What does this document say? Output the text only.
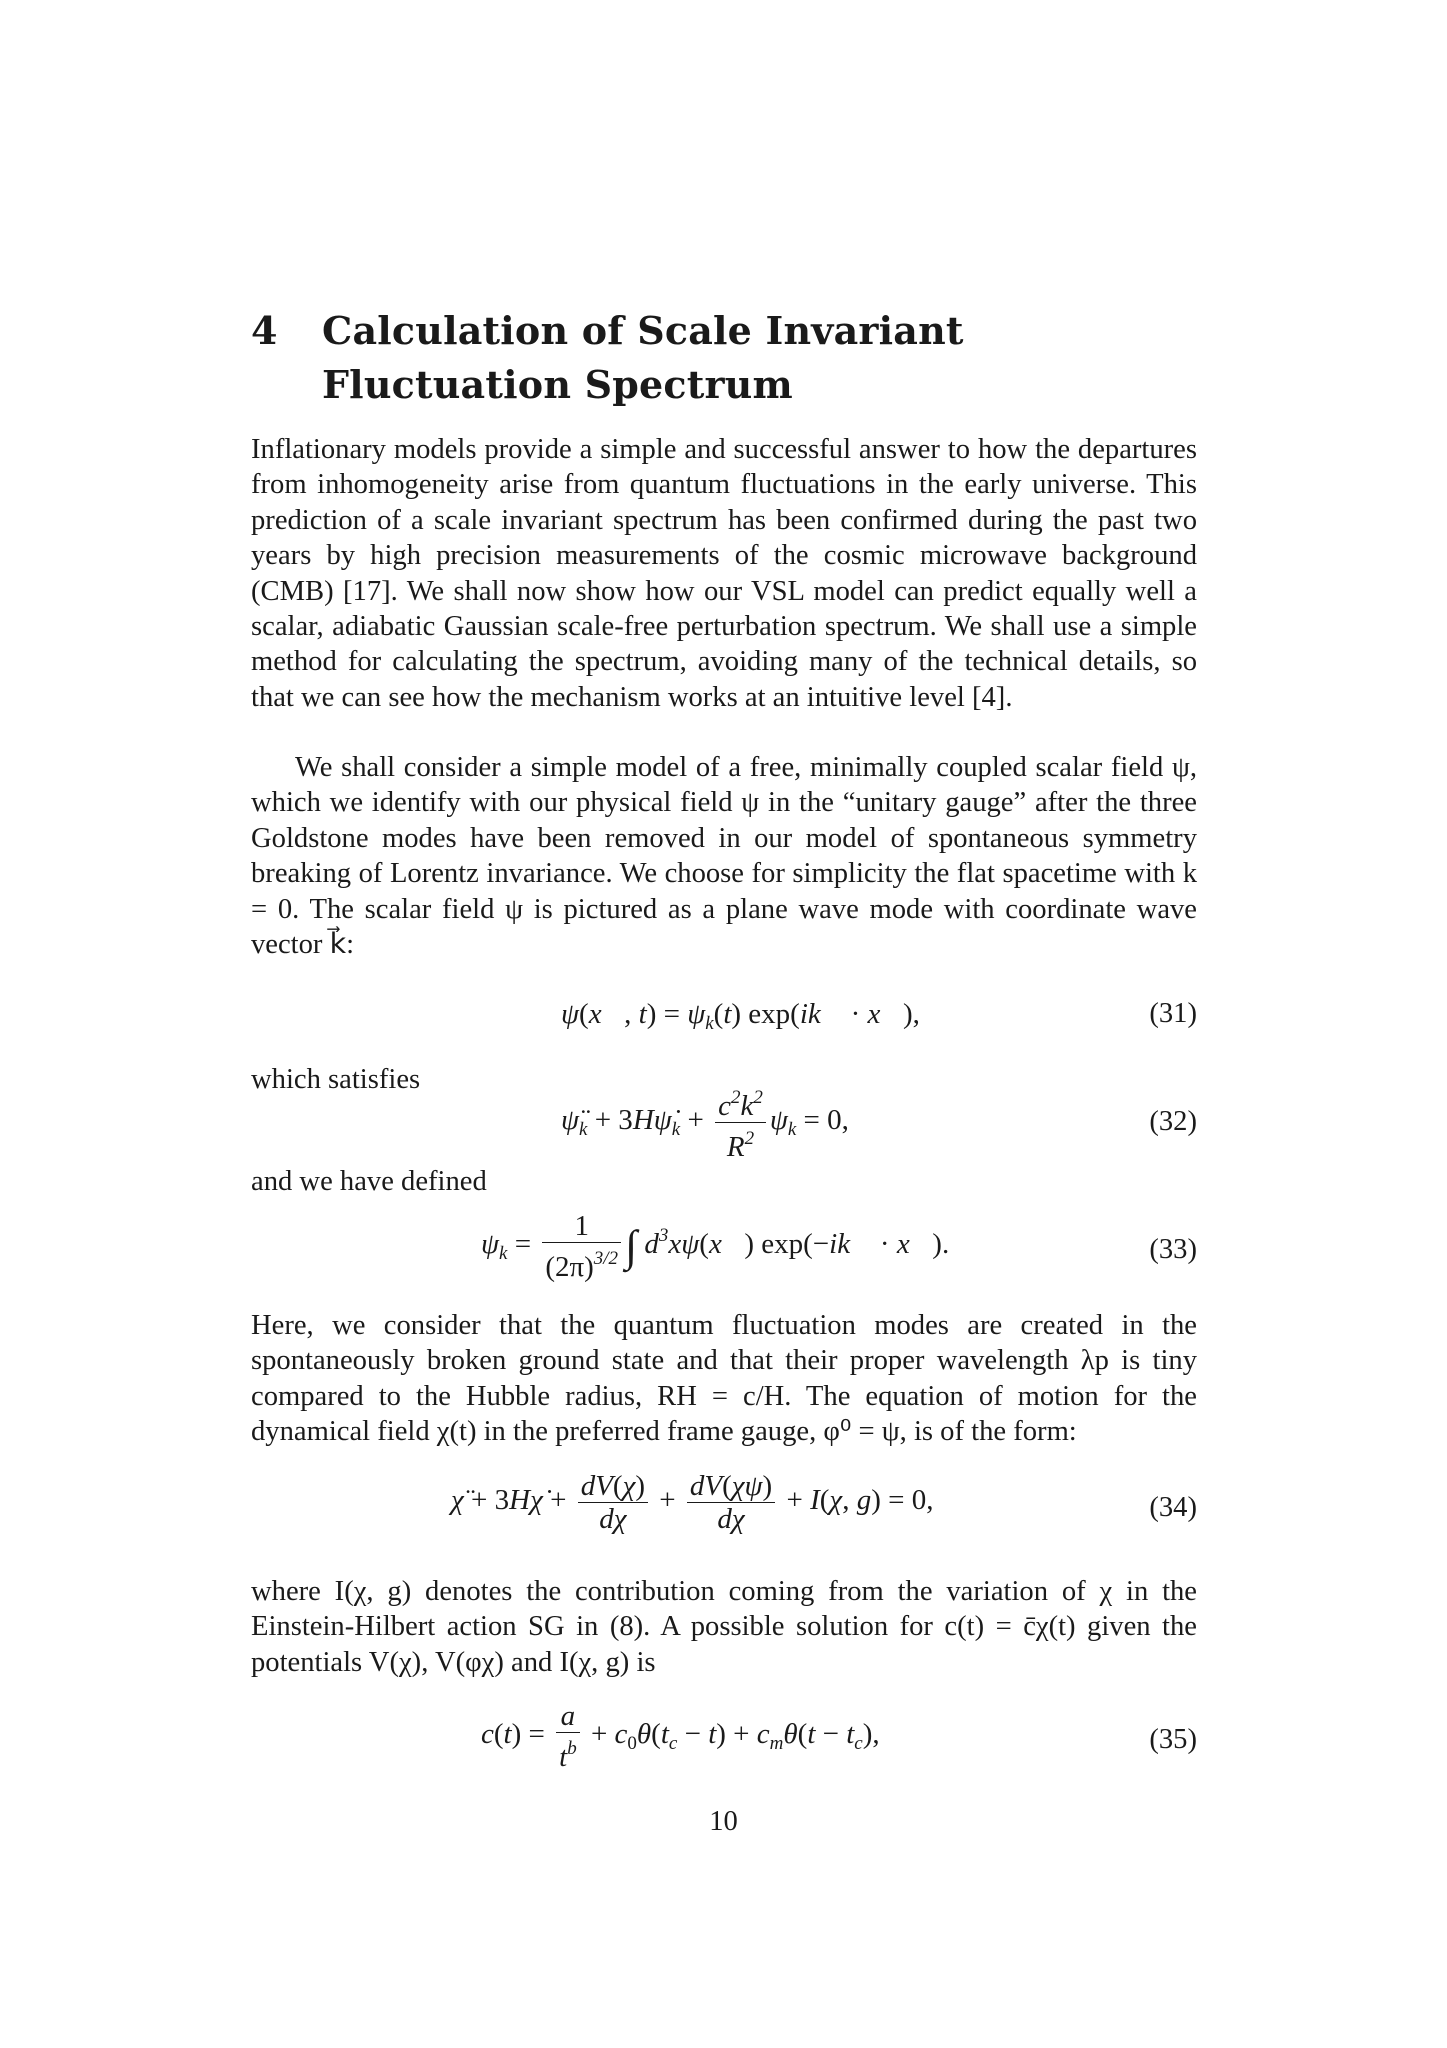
4 Calculation of Scale Invariant Fluctuation Spectrum

Inflationary models provide a simple and successful answer to how the departures from inhomogeneity arise from quantum fluctuations in the early universe. This prediction of a scale invariant spectrum has been confirmed during the past two years by high precision measurements of the cosmic microwave background (CMB) [17]. We shall now show how our VSL model can predict equally well a scalar, adiabatic Gaussian scale-free perturbation spectrum. We shall use a simple method for calculating the spectrum, avoiding many of the technical details, so that we can see how the mechanism works at an intuitive level [4].

We shall consider a simple model of a free, minimally coupled scalar field ψ, which we identify with our physical field ψ in the “unitary gauge” after the three Goldstone modes have been removed in our model of spontaneous symmetry breaking of Lorentz invariance. We choose for simplicity the flat spacetime with k = 0. The scalar field ψ is pictured as a plane wave mode with coordinate wave vector k⃗:

ψ(x⃗, $t) = \psi_k(t)$ exp(ik⃗ · x⃗),	(31)
which satisfies
$\psï_k$ + $3H\psi̇_k + \frac{c^2k^2}{R^2} \psi_k = 0$,	(32)
and we have defined
$\psi_k = \frac{1}{(2\pi)^{3/2}}$ ∫ $d^3x\psi(x⃗)$ exp(−ik⃗ · x⃗).	(33)

Here, we consider that the quantum fluctuation modes are created in the spontaneously broken ground state and that their proper wavelength λp is tiny compared to the Hubble radius, RH = c/H. The equation of motion for the dynamical field χ(t) in the preferred frame gauge, φ⁰ = ψ, is of the form:

χ̈ + 3Hχ̇ + $\frac{dV(\chi)}{d\chi} + \frac{dV(\chi\psi)}{d\chi} + I(\chi$, g) = 0,	(34)

where I(χ, g) denotes the contribution coming from the variation of χ in the Einstein-Hilbert action SG in (8). A possible solution for c(t) = c̄χ(t) given the potentials V(χ), V(φχ) and I(χ, g) is

$c(t) = \frac{a}{t^b} + c_0\theta(t_c - t) + c_m\theta(t - t_c)$,	(35)
10
